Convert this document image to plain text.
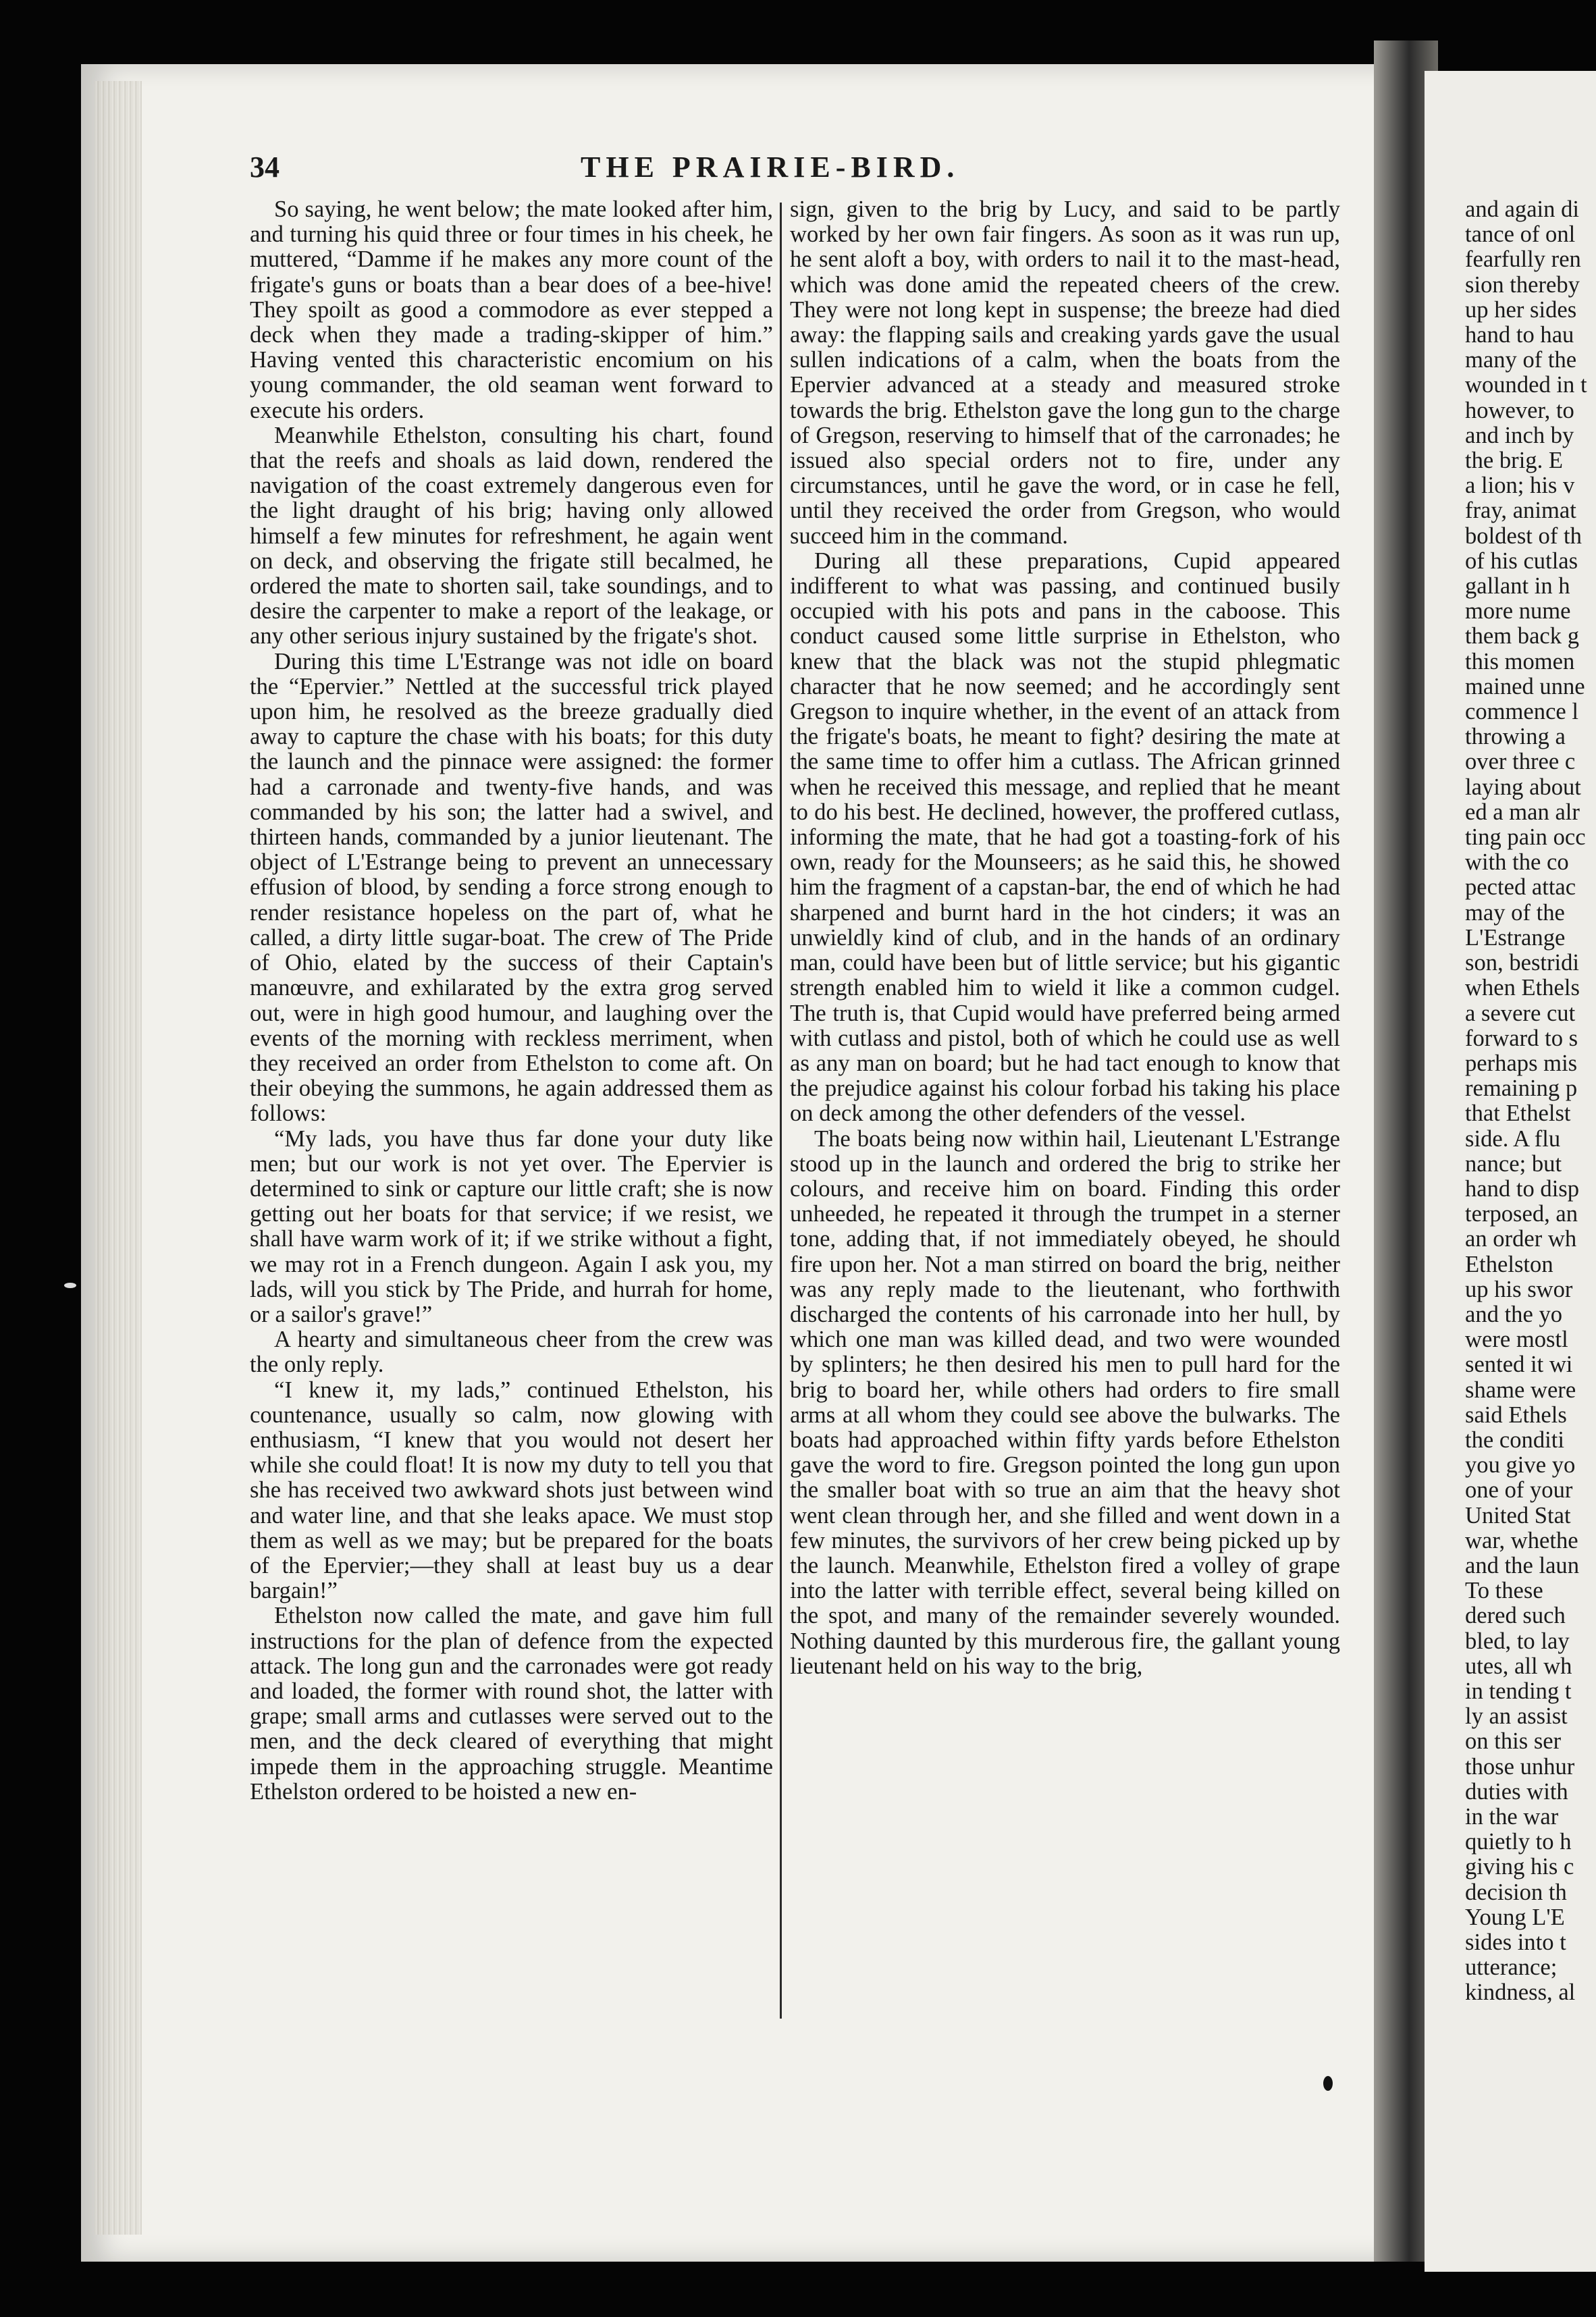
34	THE PRAIRIE-BIRD.

So saying, he went below; the mate looked after him, and turning his quid three or four times in his cheek, he muttered, “Damme if he makes any more count of the frigate's guns or boats than a bear does of a bee-hive! They spoilt as good a commodore as ever stepped a deck when they made a trading-skipper of him.” Having vented this characteristic encomium on his young commander, the old seaman went forward to execute his orders.

Meanwhile Ethelston, consulting his chart, found that the reefs and shoals as laid down, rendered the navigation of the coast extremely dangerous even for the light draught of his brig; having only allowed himself a few minutes for refreshment, he again went on deck, and observing the frigate still becalmed, he ordered the mate to shorten sail, take soundings, and to desire the carpenter to make a report of the leakage, or any other serious injury sustained by the frigate's shot.

During this time L'Estrange was not idle on board the “Epervier.” Nettled at the successful trick played upon him, he resolved as the breeze gradually died away to capture the chase with his boats; for this duty the launch and the pinnace were assigned: the former had a carronade and twenty-five hands, and was commanded by his son; the latter had a swivel, and thirteen hands, commanded by a junior lieutenant. The object of L'Estrange being to prevent an unnecessary effusion of blood, by sending a force strong enough to render resistance hopeless on the part of, what he called, a dirty little sugar-boat. The crew of The Pride of Ohio, elated by the success of their Captain's manœuvre, and exhilarated by the extra grog served out, were in high good humour, and laughing over the events of the morning with reckless merriment, when they received an order from Ethelston to come aft. On their obeying the summons, he again addressed them as follows:

“My lads, you have thus far done your duty like men; but our work is not yet over. The Epervier is determined to sink or capture our little craft; she is now getting out her boats for that service; if we resist, we shall have warm work of it; if we strike without a fight, we may rot in a French dungeon. Again I ask you, my lads, will you stick by The Pride, and hurrah for home, or a sailor's grave!”

A hearty and simultaneous cheer from the crew was the only reply.

“I knew it, my lads,” continued Ethelston, his countenance, usually so calm, now glowing with enthusiasm, “I knew that you would not desert her while she could float! It is now my duty to tell you that she has received two awkward shots just between wind and water line, and that she leaks apace. We must stop them as well as we may; but be prepared for the boats of the Epervier;—they shall at least buy us a dear bargain!”

Ethelston now called the mate, and gave him full instructions for the plan of defence from the expected attack. The long gun and the carronades were got ready and loaded, the former with round shot, the latter with grape; small arms and cutlasses were served out to the men, and the deck cleared of everything that might impede them in the approaching struggle. Meantime Ethelston ordered to be hoisted a new en-

sign, given to the brig by Lucy, and said to be partly worked by her own fair fingers. As soon as it was run up, he sent aloft a boy, with orders to nail it to the mast-head, which was done amid the repeated cheers of the crew. They were not long kept in suspense; the breeze had died away: the flapping sails and creaking yards gave the usual sullen indications of a calm, when the boats from the Epervier advanced at a steady and measured stroke towards the brig. Ethelston gave the long gun to the charge of Gregson, reserving to himself that of the carronades; he issued also special orders not to fire, under any circumstances, until he gave the word, or in case he fell, until they received the order from Gregson, who would succeed him in the command.

During all these preparations, Cupid appeared indifferent to what was passing, and continued busily occupied with his pots and pans in the caboose. This conduct caused some little surprise in Ethelston, who knew that the black was not the stupid phlegmatic character that he now seemed; and he accordingly sent Gregson to inquire whether, in the event of an attack from the frigate's boats, he meant to fight? desiring the mate at the same time to offer him a cutlass. The African grinned when he received this message, and replied that he meant to do his best. He declined, however, the proffered cutlass, informing the mate, that he had got a toasting-fork of his own, ready for the Mounseers; as he said this, he showed him the fragment of a capstan-bar, the end of which he had sharpened and burnt hard in the hot cinders; it was an unwieldly kind of club, and in the hands of an ordinary man, could have been but of little service; but his gigantic strength enabled him to wield it like a common cudgel. The truth is, that Cupid would have preferred being armed with cutlass and pistol, both of which he could use as well as any man on board; but he had tact enough to know that the prejudice against his colour forbad his taking his place on deck among the other defenders of the vessel.

The boats being now within hail, Lieutenant L'Estrange stood up in the launch and ordered the brig to strike her colours, and receive him on board. Finding this order unheeded, he repeated it through the trumpet in a sterner tone, adding that, if not immediately obeyed, he should fire upon her. Not a man stirred on board the brig, neither was any reply made to the lieutenant, who forthwith discharged the contents of his carronade into her hull, by which one man was killed dead, and two were wounded by splinters; he then desired his men to pull hard for the brig to board her, while others had orders to fire small arms at all whom they could see above the bulwarks. The boats had approached within fifty yards before Ethelston gave the word to fire. Gregson pointed the long gun upon the smaller boat with so true an aim that the heavy shot went clean through her, and she filled and went down in a few minutes, the survivors of her crew being picked up by the launch. Meanwhile, Ethelston fired a volley of grape into the latter with terrible effect, several being killed on the spot, and many of the remainder severely wounded. Nothing daunted by this murderous fire, the gallant young lieutenant held on his way to the brig,

and again di
tance of onl
fearfully ren
sion thereby
up her sides
hand to hau
many of the
wounded in t
however, to
and inch by
the brig. E
a lion; his v
fray, animat
boldest of th
of his cutlas
gallant in h
more nume
them back g
this momen
mained unne
commence l
throwing a
over three c
laying about
ed a man alr
ting pain occ
with the co
pected attac
may of the
L'Estrange
son, bestridi
when Ethels
a severe cut
forward to s
perhaps mis
remaining p
that Ethelst
side. A flu
nance; but
hand to disp
terposed, an
an order wh
Ethelston
up his swor
and the yo
were mostl
sented it wi
shame were
said Ethels
the conditi
you give yo
one of your
United Stat
war, whethe
and the laun
To these
dered such
bled, to lay
utes, all wh
in tending t
ly an assist
on this ser
those unhur
duties with
in the war
quietly to h
giving his c
decision th
Young L'E
sides into t
utterance;
kindness, al
